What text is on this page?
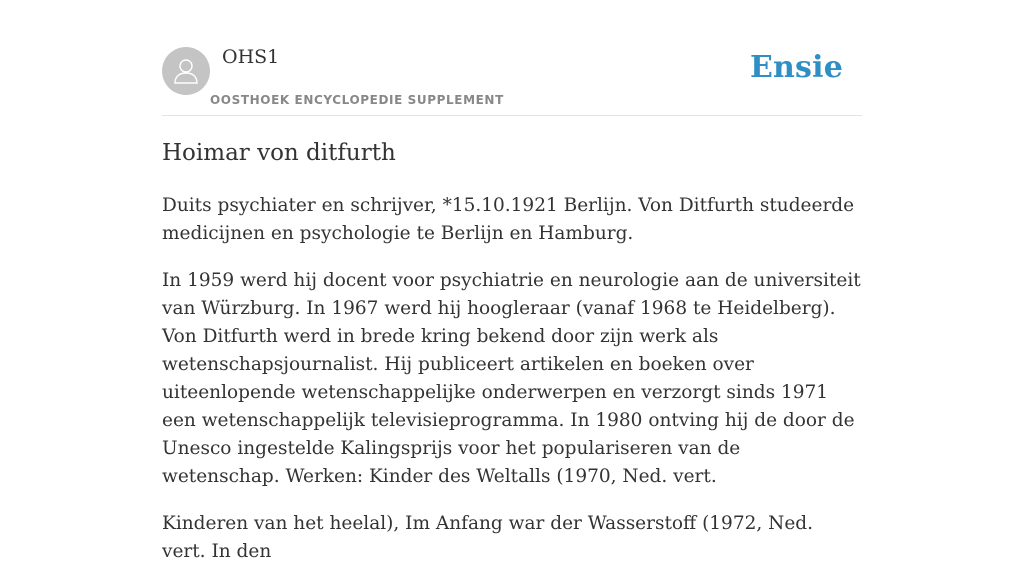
OHS1
OOSTHOEK ENCYCLOPEDIE SUPPLEMENT
Ensie
Hoimar von ditfurth

Duits psychiater en schrijver, *15.10.1921 Berlijn. Von Ditfurth studeerde medicijnen en psychologie te Berlijn en Hamburg.

In 1959 werd hij docent voor psychiatrie en neurologie aan de universiteit van Würzburg. In 1967 werd hij hoogleraar (vanaf 1968 te Heidelberg). Von Ditfurth werd in brede kring bekend door zijn werk als wetenschapsjournalist. Hij publiceert artikelen en boeken over uiteenlopende wetenschappelijke onderwerpen en verzorgt sinds 1971 een wetenschappelijk televisieprogramma. In 1980 ontving hij de door de Unesco ingestelde Kalingsprijs voor het populariseren van de wetenschap. Werken: Kinder des Weltalls (1970, Ned. vert.

Kinderen van het heelal), Im Anfang war der Wasserstoff (1972, Ned. vert. In den
